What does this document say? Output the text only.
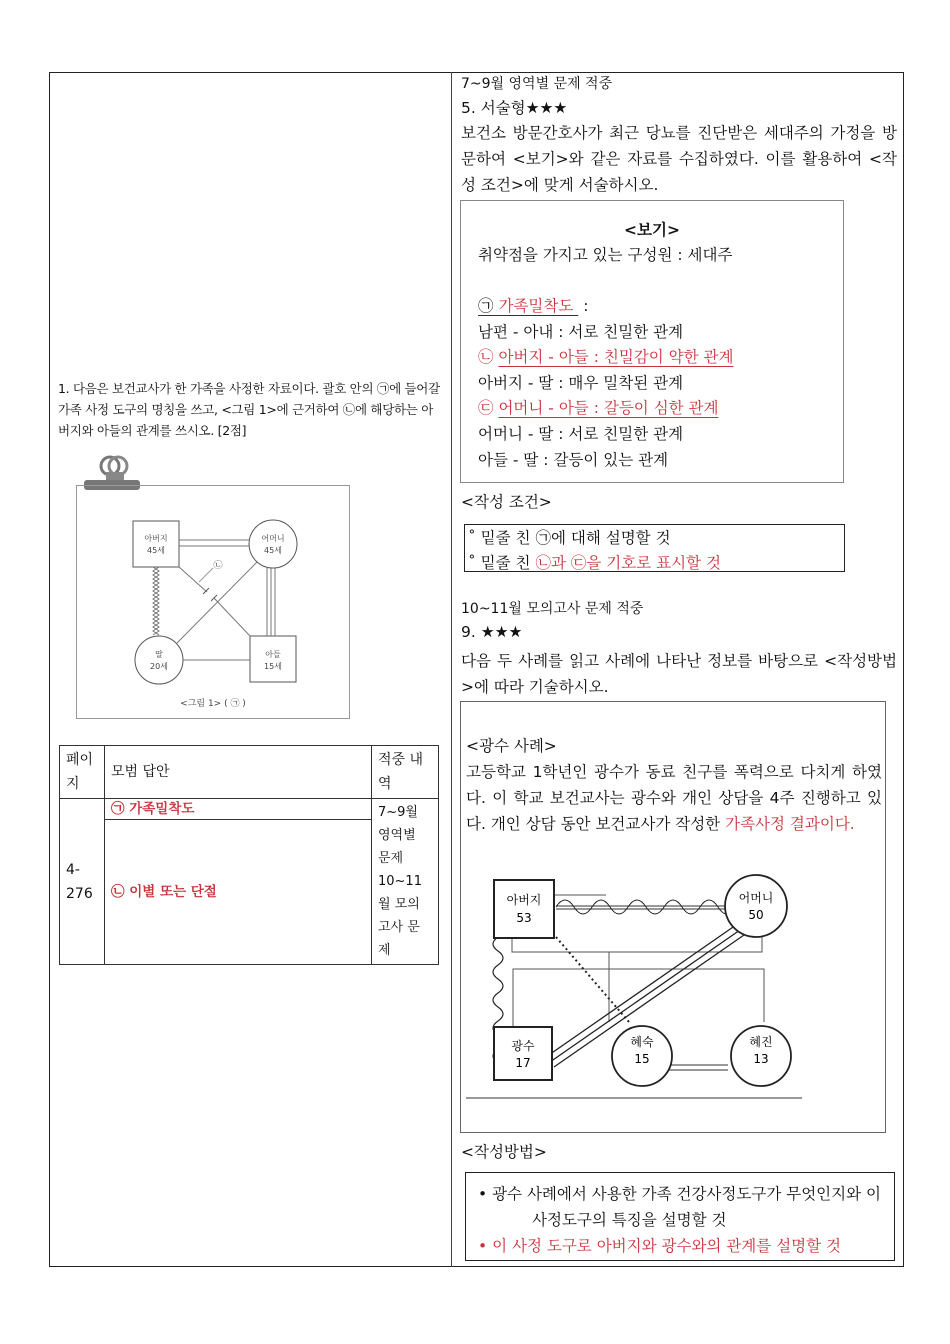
1. 다음은 보건교사가 한 가족을 사정한 자료이다. 괄호 안의 ㉠에 들어갈 가족 사정 도구의 명칭을 쓰고, <그림 1>에 근거하여 ㉡에 해당하는 아버지와 아들의 관계를 쓰시오. [2점]
아버지
45세
어머니
45세
딸
20세
아들
15세
㉡
<그림 1> ( ㉠ )
페이지	모범 답안	적중 내역
4-276	㉠ 가족밀착도	7~9월 영역별 문제 10~11월 모의고사 문제
	㉡ 이별 또는 단절	
7~9월 영역별 문제 적중
5. 서술형★★★
보건소 방문간호사가 최근 당뇨를 진단받은 세대주의 가정을 방문하여 <보기>와 같은 자료를 수집하였다. 이를 활용하여 <작성 조건>에 맞게 서술하시오.
<보기>
취약점을 가지고 있는 구성원 : 세대주
㉠ 가족밀착도  :
남편 - 아내 : 서로 친밀한 관계
㉡ 아버지 - 아들 : 친밀감이 약한 관계
아버지 - 딸 : 매우 밀착된 관계
㉢ 어머니 - 아들 : 갈등이 심한 관계
어머니 - 딸 : 서로 친밀한 관계
아들 - 딸 : 갈등이 있는 관계
<작성 조건>
˚ 밑줄 친 ㉠에 대해 설명할 것
˚ 밑줄 친 ㉡과 ㉢을 기호로 표시할 것
10~11월 모의고사 문제 적중
9. ★★★
다음 두 사례를 읽고 사례에 나타난 정보를 바탕으로 <작성방법>에 따라 기술하시오.
<광수 사례>
고등학교 1학년인 광수가 동료 친구를 폭력으로 다치게 하였다. 이 학교 보건교사는 광수와 개인 상담을 4주 진행하고 있다. 개인 상담 동안 보건교사가 작성한 가족사정 결과이다.
아버지
53
어머니
50
광수
17
혜숙
15
혜진
13
<작성방법>
• 광수 사례에서 사용한 가족 건강사정도구가 무엇인지와 이
사정도구의 특징을 설명할 것
• 이 사정 도구로 아버지와 광수와의 관계를 설명할 것
